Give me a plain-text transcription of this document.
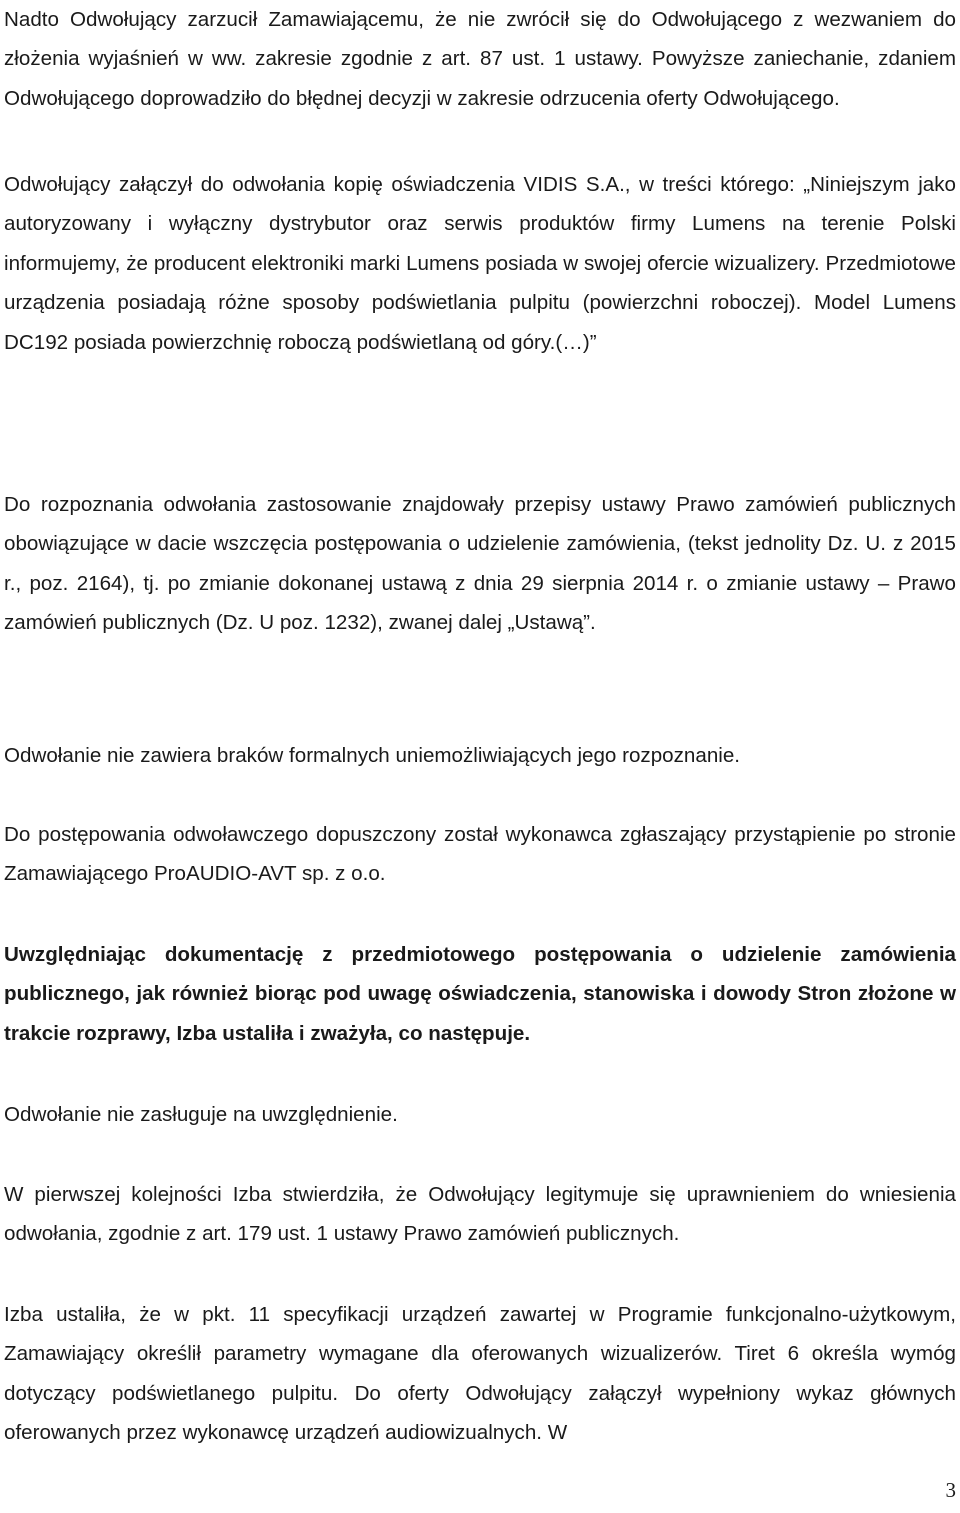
Nadto Odwołujący zarzucił Zamawiającemu, że nie zwrócił się do Odwołującego z wezwaniem do złożenia wyjaśnień w ww. zakresie zgodnie z art. 87 ust. 1 ustawy. Powyższe zaniechanie, zdaniem Odwołującego doprowadziło do błędnej decyzji w zakresie odrzucenia oferty Odwołującego.

Odwołujący załączył do odwołania kopię oświadczenia VIDIS S.A., w treści którego: „Niniejszym jako autoryzowany i wyłączny dystrybutor oraz serwis produktów firmy Lumens na terenie Polski informujemy, że producent elektroniki marki Lumens posiada w swojej ofercie wizualizery. Przedmiotowe urządzenia posiadają różne sposoby podświetlania pulpitu (powierzchni roboczej). Model Lumens DC192 posiada powierzchnię roboczą podświetlaną od góry.(…)”

Do rozpoznania odwołania zastosowanie znajdowały przepisy ustawy Prawo zamówień publicznych obowiązujące w dacie wszczęcia postępowania o udzielenie zamówienia, (tekst jednolity Dz. U. z 2015 r., poz. 2164), tj. po zmianie dokonanej ustawą z dnia 29 sierpnia 2014 r. o zmianie ustawy – Prawo zamówień publicznych (Dz. U poz. 1232), zwanej dalej „Ustawą”.

Odwołanie nie zawiera braków formalnych uniemożliwiających jego rozpoznanie.

Do postępowania odwoławczego dopuszczony został wykonawca zgłaszający przystąpienie po stronie Zamawiającego ProAUDIO-AVT sp. z o.o.

Uwzględniając dokumentację z przedmiotowego postępowania o udzielenie zamówienia publicznego, jak również biorąc pod uwagę oświadczenia, stanowiska i dowody Stron złożone w trakcie rozprawy, Izba ustaliła i zważyła, co następuje.

Odwołanie nie zasługuje na uwzględnienie.

W pierwszej kolejności Izba stwierdziła, że Odwołujący legitymuje się uprawnieniem do wniesienia odwołania, zgodnie z art. 179 ust. 1 ustawy Prawo zamówień publicznych.

Izba ustaliła, że w pkt. 11 specyfikacji urządzeń zawartej w Programie funkcjonalno-użytkowym, Zamawiający określił parametry wymagane dla oferowanych wizualizerów. Tiret 6 określa wymóg dotyczący podświetlanego pulpitu. Do oferty Odwołujący załączył wypełniony wykaz głównych oferowanych przez wykonawcę urządzeń audiowizualnych. W

3
